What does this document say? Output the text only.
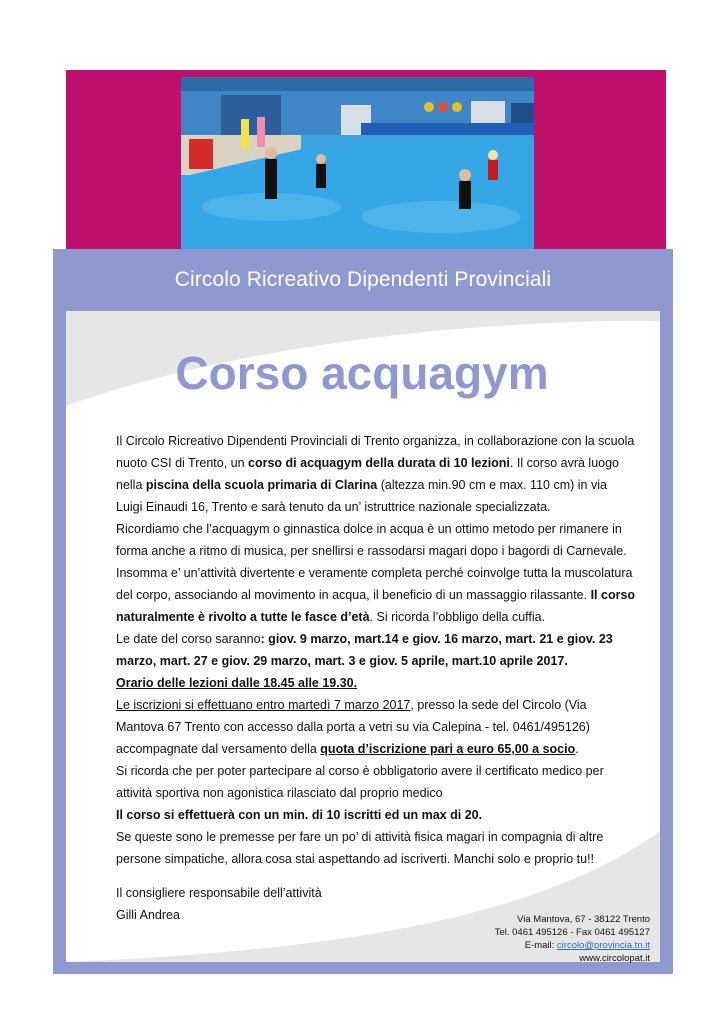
Circolo Ricreativo Dipendenti Provinciali
Corso acquagym

Il Circolo Ricreativo Dipendenti Provinciali di Trento organizza, in collaborazione con la scuola nuoto CSI di Trento, un corso di acquagym della durata di 10 lezioni. Il corso avrà luogo nella piscina della scuola primaria di Clarina (altezza min.90 cm e max. 110 cm) in via Luigi Einaudi 16, Trento e sarà tenuto da un’ istruttrice nazionale specializzata.

Ricordiamo che l’acquagym o ginnastica dolce in acqua è un ottimo metodo per rimanere in forma anche a ritmo di musica, per snellirsi e rassodarsi magari dopo i bagordi di Carnevale.

Insomma e’ un’attività divertente e veramente completa perché coinvolge tutta la muscolatura del corpo, associando al movimento in acqua, il beneficio di un massaggio rilassante. Il corso naturalmente è rivolto a tutte le fasce d’età. Si ricorda l’obbligo della cuffia.

Le date del corso saranno: giov. 9 marzo, mart.14 e giov. 16 marzo, mart. 21 e giov. 23 marzo, mart. 27 e giov. 29 marzo, mart. 3 e giov. 5 aprile, mart.10 aprile 2017.

Orario delle lezioni dalle 18.45 alle 19.30.

Le iscrizioni si effettuano entro martedì 7 marzo 2017, presso la sede del Circolo (Via Mantova 67 Trento con accesso dalla porta a vetri su via Calepina - tel. 0461/495126) accompagnate dal versamento della quota d’iscrizione pari a euro 65,00 a socio.

Si ricorda che per poter partecipare al corso è obbligatorio avere il certificato medico per attività sportiva non agonistica rilasciato dal proprio medico

Il corso si effettuerà con un min. di 10 iscritti ed un max di 20.

Se queste sono le premesse per fare un po’ di attività fisica magari in compagnia di altre persone simpatiche, allora cosa stai aspettando ad iscriverti. Manchi solo e proprio tu!!

Il consigliere responsabile dell’attività

Gilli Andrea	Via Mantova, 67 - 38122 Trento
Tel. 0461 495126 - Fax 0461 495127
E-mail: circolo@provincia.tn.it
www.circolopat.it
